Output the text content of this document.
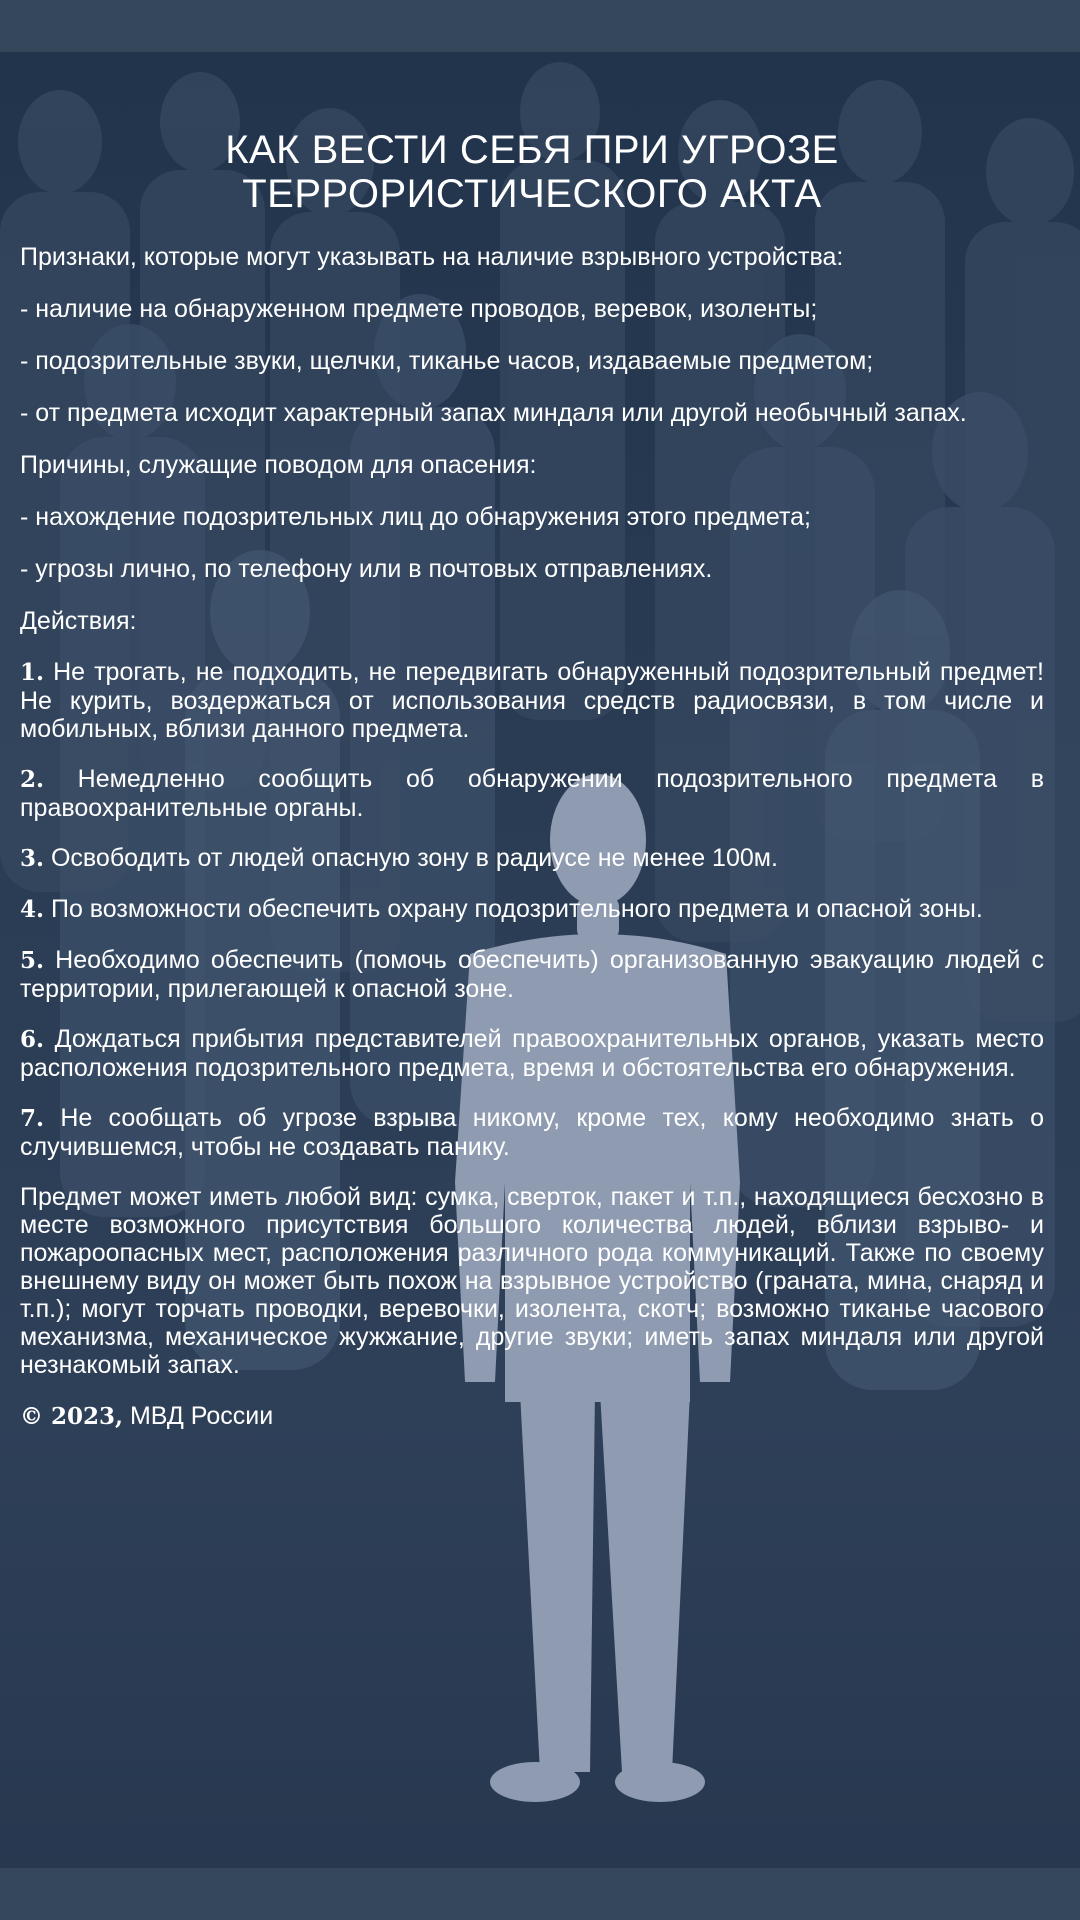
КАК ВЕСТИ СЕБЯ ПРИ УГРОЗЕ
ТЕРРОРИСТИЧЕСКОГО АКТА

Признаки, которые могут указывать на наличие взрывного устройства:

- наличие на обнаруженном предмете проводов, веревок, изоленты;

- подозрительные звуки, щелчки, тиканье часов, издаваемые предметом;

- от предмета исходит характерный запах миндаля или другой необычный запах.

Причины, служащие поводом для опасения:

- нахождение подозрительных лиц до обнаружения этого предмета;

- угрозы лично, по телефону или в почтовых отправлениях.

Действия:

1. Не трогать, не подходить, не передвигать обнаруженный подозрительный предмет! Не курить, воздержаться от использования средств радиосвязи, в том числе и мобильных, вблизи данного предмета.

2. Немедленно сообщить об обнаружении подозрительного предмета в правоохранительные органы.

3. Освободить от людей опасную зону в радиусе не менее 100м.

4. По возможности обеспечить охрану подозрительного предмета и опасной зоны.

5. Необходимо обеспечить (помочь обеспечить) организованную эвакуацию людей с территории, прилегающей к опасной зоне.

6. Дождаться прибытия представителей правоохранительных органов, указать место расположения подозрительного предмета, время и обстоятельства его обнаружения.

7. Не сообщать об угрозе взрыва никому, кроме тех, кому необходимо знать о случившемся, чтобы не создавать панику.

Предмет может иметь любой вид: сумка, сверток, пакет и т.п., находящиеся бесхозно в месте возможного присутствия большого количества людей, вблизи взрыво- и пожароопасных мест, расположения различного рода коммуникаций. Также по своему внешнему виду он может быть похож на взрывное устройство (граната, мина, снаряд и т.п.); могут торчать проводки, веревочки, изолента, скотч; возможно тиканье часового механизма, механическое жужжание, другие звуки; иметь запах миндаля или другой незнакомый запах.

© 2023, МВД России
